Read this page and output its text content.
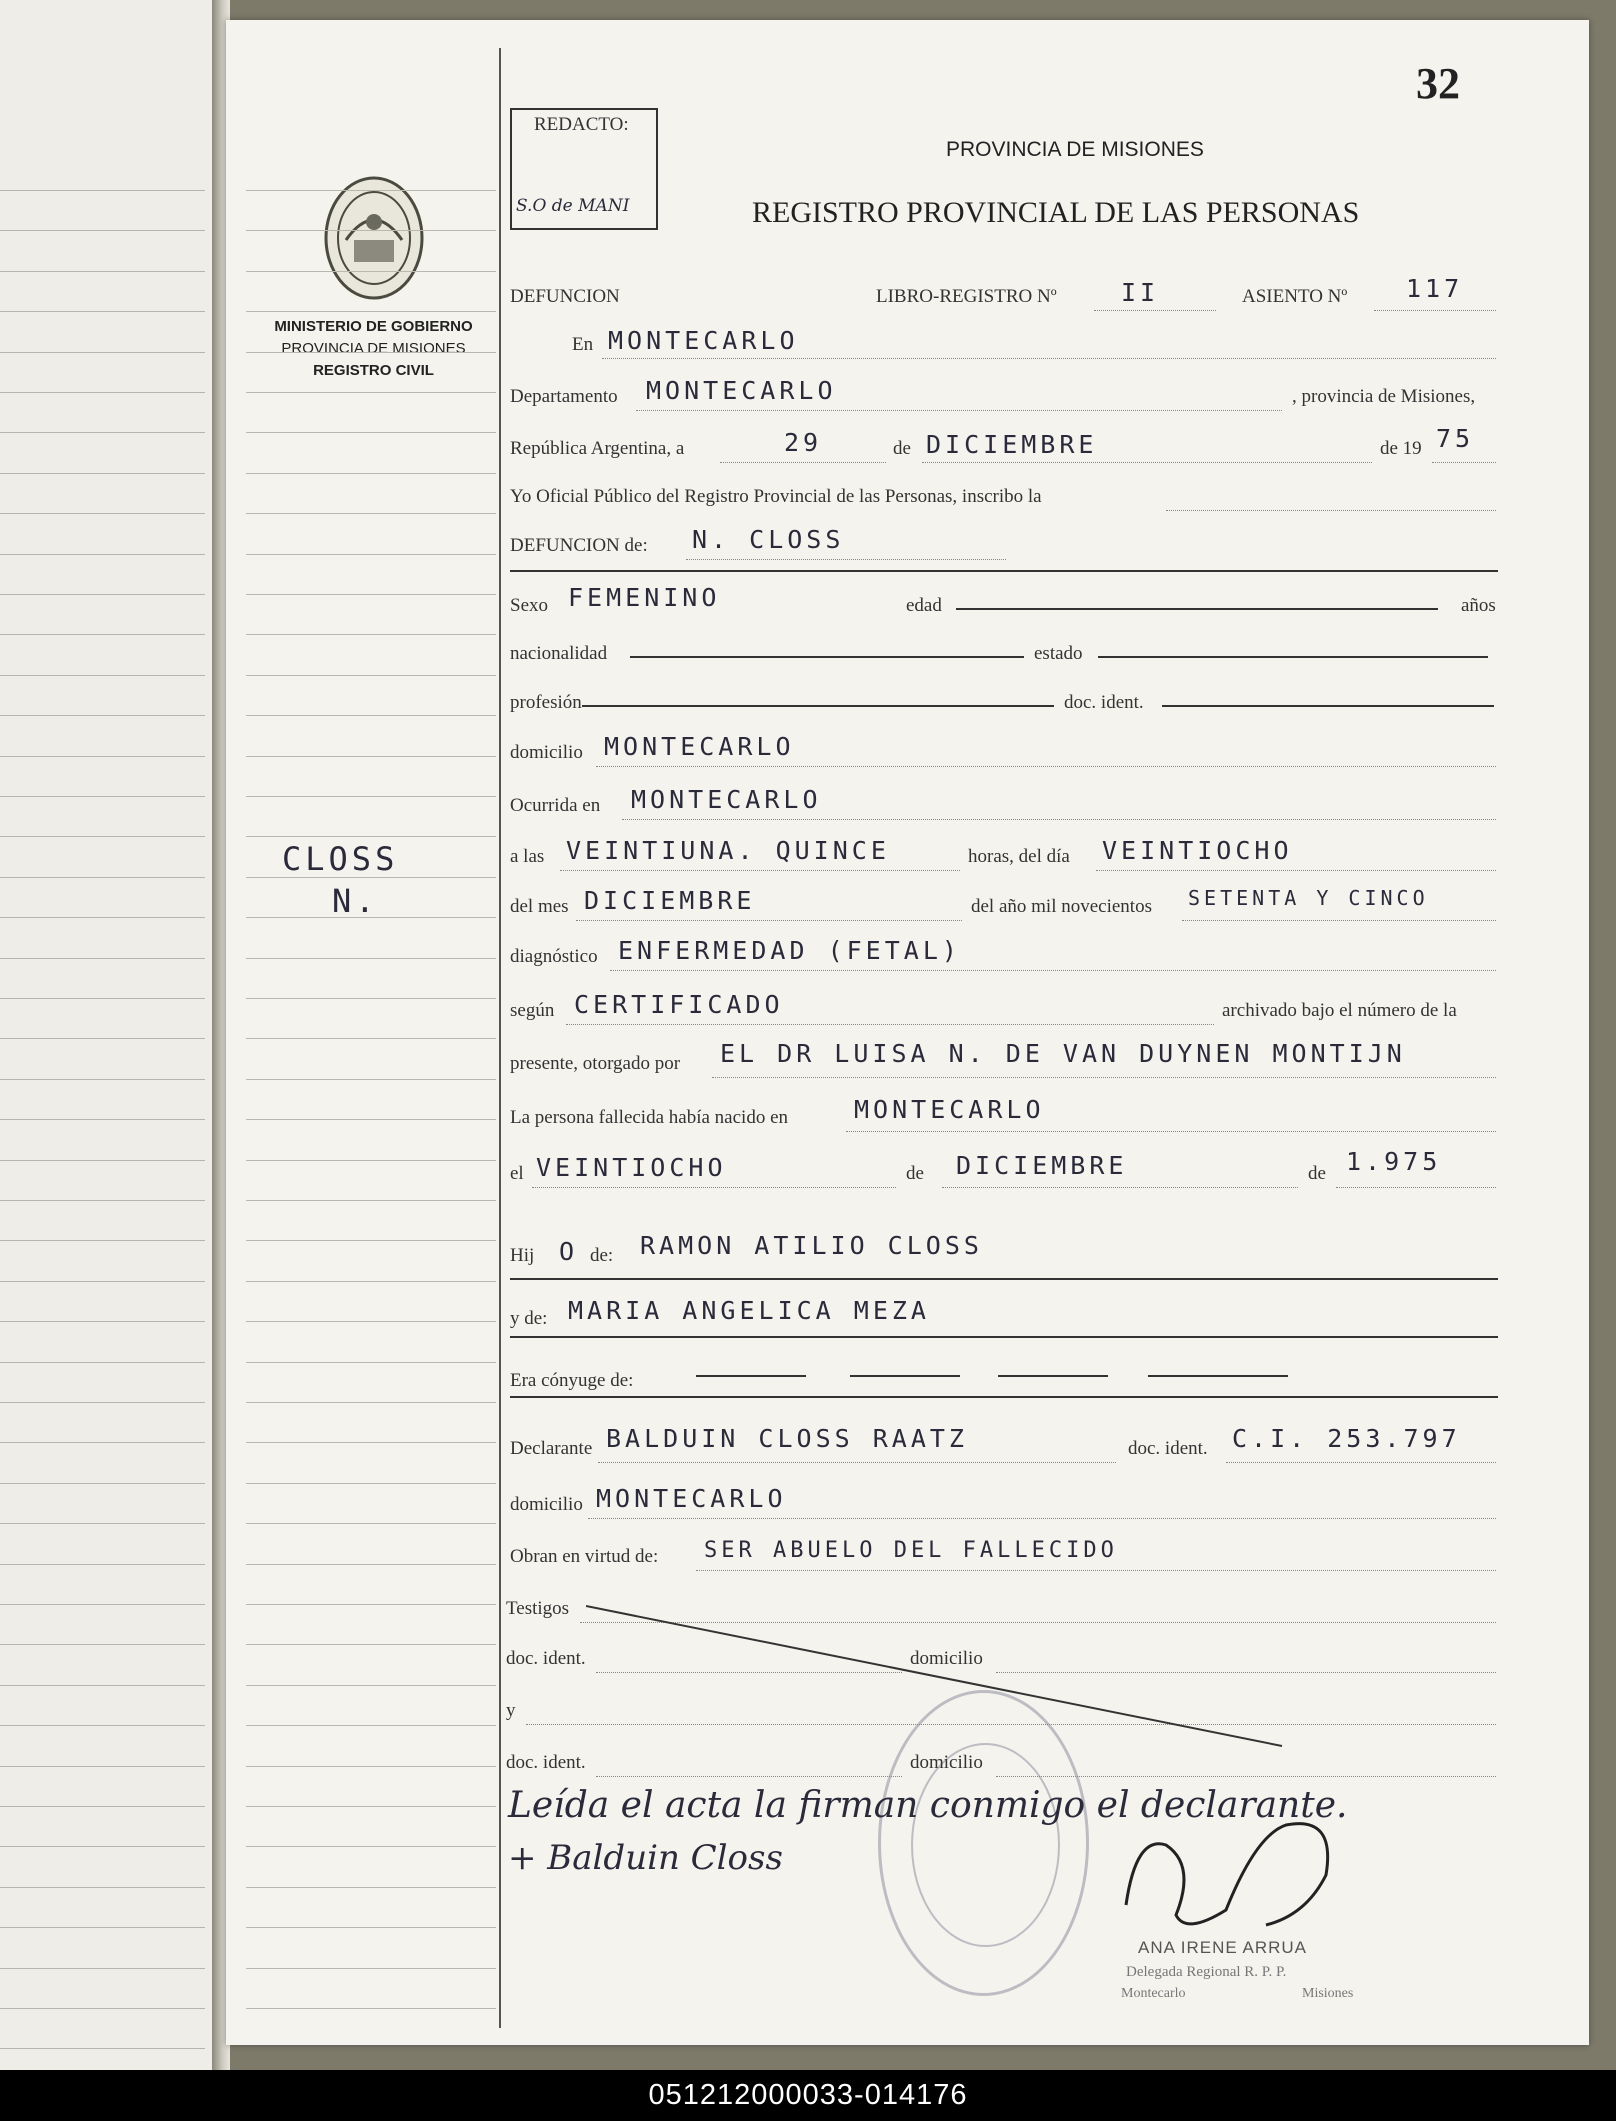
32
REDACTO:
S.O de MANI
MINISTERIO DE GOBIERNO
PROVINCIA DE MISIONES
REGISTRO CIVIL
PROVINCIA DE MISIONES
REGISTRO PROVINCIAL DE LAS PERSONAS
CLOSS
N.
ANA IRENE ARRUA
Delegada Regional R. P. P.
Montecarlo	Misiones
DEFUNCION	LIBRO-REGISTRO Nº	II	ASIENTO Nº 117
En MONTECARLO
Departamento MONTECARLO	, provincia de Misiones,
República Argentina, a	29	de DICIEMBRE	de 19 75
Yo Oficial Público del Registro Provincial de las Personas, inscribo la
DEFUNCION de: N. CLOSS
Sexo FEMENINO	edad	años
nacionalidad	estado
profesión	doc. ident.
domicilio MONTECARLO
Ocurrida en MONTECARLO
a las VEINTIUNA. QUINCE	horas, del día VEINTIOCHO
del mes DICIEMBRE	del año mil novecientos SETENTA Y CINCO
diagnóstico ENFERMEDAD (FETAL)
según CERTIFICADO	archivado bajo el número de la
presente, otorgado por EL DR LUISA N. DE VAN DUYNEN MONTIJN
La persona fallecida había nacido en	MONTECARLO
el VEINTIOCHO	de DICIEMBRE	de 1.975
Hij O de: RAMON ATILIO CLOSS
y de: MARIA ANGELICA MEZA
Era cónyuge de:
Declarante BALDUIN CLOSS RAATZ	doc. ident. C.I. 253.797
domicilio MONTECARLO
Obran en virtud de: SER ABUELO DEL FALLECIDO
Testigos
doc. ident.	domicilio
y
doc. ident.	domicilio
Leída el acta la firman conmigo el declarante.
+ Balduin Closs
051212000033-014176
